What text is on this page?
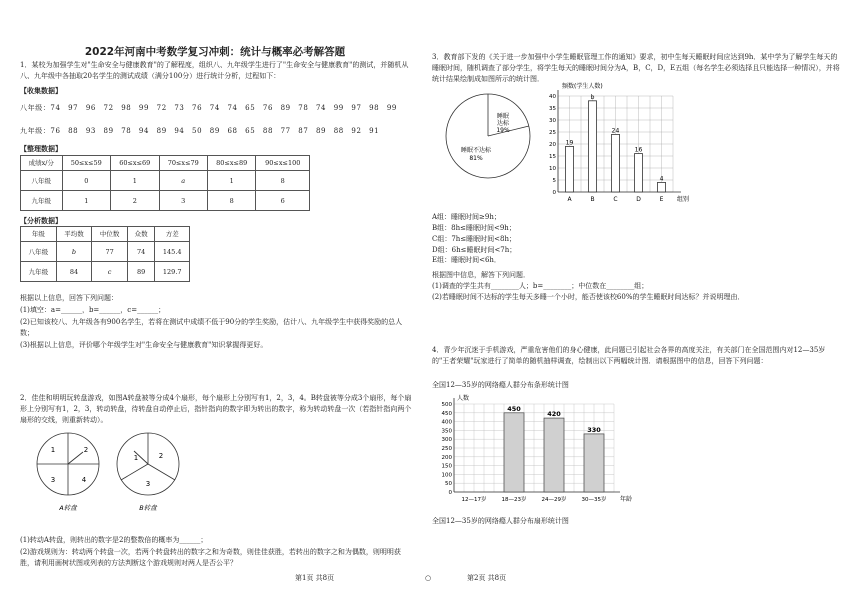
2022年河南中考数学复习冲刺：统计与概率必考解答题

1．某校为加强学生对"生命安全与健康教育"的了解程度，组织八、九年级学生进行了"生命安全与健康教育"的测试，并随机从八、九年级中各抽取20名学生的测试成绩（满分100分）进行统计分析，过程如下：

【收集数据】

八年级：74　97　96　72　98　99　72　73　76　74　74　65　76　89　78　74　99　97　98　99

九年级：76　88　93　89　78　94　89　94　50　89　68　65　88　77　87　89　88　92　91

【整理数据】
成绩x/分	50≤x≤59	60≤x≤69	70≤x≤79	80≤x≤89	90≤x≤100
八年级	0	1	a	1	8
九年级	1	2	3	8	6
【分析数据】
年级	平均数	中位数	众数	方差
八年级	b	77	74	145.4
九年级	84	c	89	129.7
根据以上信息，回答下列问题：
(1)填空：a=______，b=______，c=______；
(2)已知该校八、九年级各有900名学生，若将在测试中成绩不低于90分的学生奖励，估计八、九年级学生中获得奖励的总人数；
(3)根据以上信息，评价哪个年级学生对"生命安全与健康教育"知识掌握得更好。
2．佳佳和明明玩转盘游戏，如图A转盘被等分成4个扇形，每个扇形上分别写有1，2，3，4。B转盘被等分成3个扇形，每个扇形上分别写有1，2，3，转动转盘，待转盘自动停止后，指针指向的数字即为转出的数字，称为转动转盘一次（若指针指向两个扇形的交线，则重新转动）。
1	2
3	4
1	2
3
A转盘	B转盘
(1)转动A转盘，则转出的数字是2的整数倍的概率为______；
(2)游戏规则为：转动两个转盘一次，若两个转盘转出的数字之和为奇数，则佳佳获胜，若转出的数字之和为偶数，则明明获胜，请利用画树状图或列表的方法判断这个游戏规则对两人是否公平？
3．教育部下发的《关于进一步加强中小学生睡眠管理工作的通知》要求，初中生每天睡眠时间应达到9h．某中学为了解学生每天的睡眠时间，随机调查了部分学生，将学生每天的睡眠时间分为A，B，C，D，E五组（每名学生必须选择且只能选择一种情况），并将统计结果绘制成如图所示的统计图．
睡眠
达标
19%
睡眠不达标
81%
0
5
10
15
20
25
30
35
40
频数(学生人数)
组别
19
A
b
B
24
C
16
D
4
E

A组：睡眠时间≥9h；

B组：8h≤睡眠时间<9h；

C组：7h≤睡眠时间<8h；

D组：6h≤睡眠时间<7h；

E组：睡眠时间<6h．

根据图中信息，解答下列问题．
(1)调查的学生共有________人；b=________；中位数在________组；
(2)若睡眠时间不达标的学生每天多睡一个小时，能否使该校60%的学生睡眠时间达标？并说明理由．
4．青少年沉迷于手机游戏，严重危害他们的身心健康，此问题已引起社会各界的高度关注，有关部门在全国范围内对12—35岁的"王者荣耀"玩家进行了简单的随机抽样调查，绘制出以下两幅统计图．请根据图中的信息，回答下列问题：
全国12—35岁的网络瘾人群分布条形统计图
0
50
100
150
200
250
300
350
400
450
500
人数
年龄
12—17岁
450
18—23岁
420
24—29岁
330
30—35岁
全国12—35岁的网络瘾人群分布扇形统计图
第1页 共8页	○	第2页 共8页
